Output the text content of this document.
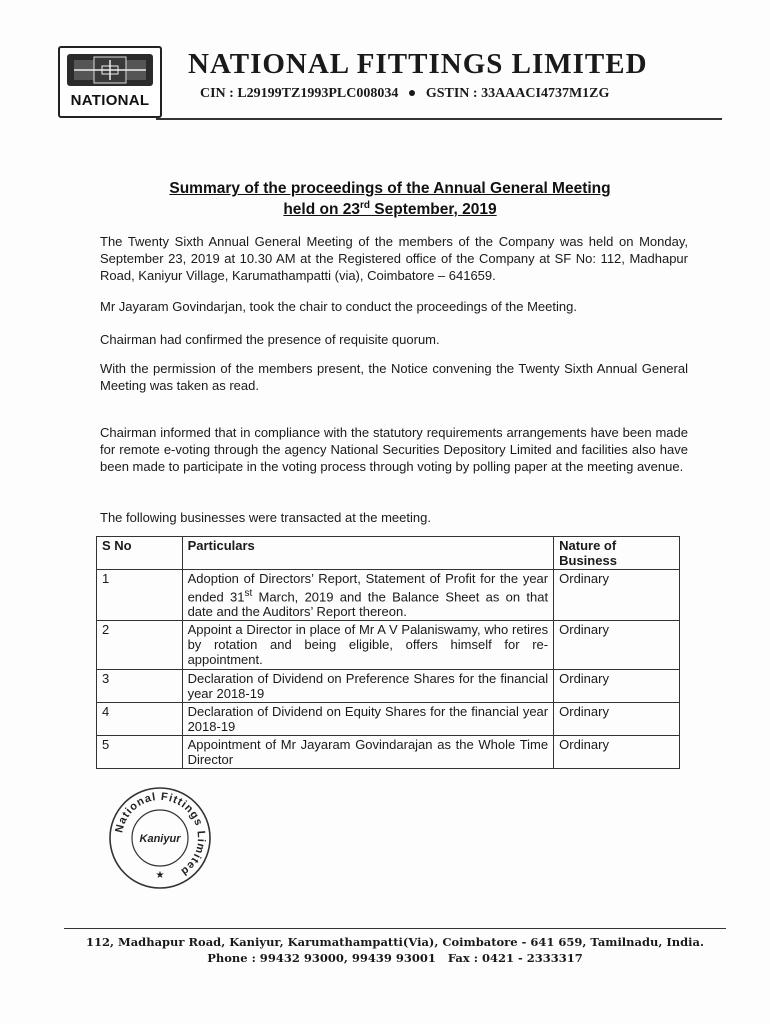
NATIONAL
NATIONAL FITTINGS LIMITED
CIN : L29199TZ1993PLC008034 ● GSTIN : 33AAACI4737M1ZG
Summary of the proceedings of the Annual General Meeting
held on 23rd September, 2019
The Twenty Sixth Annual General Meeting of the members of the Company was held on Monday, September 23, 2019 at 10.30 AM at the Registered office of the Company at SF No: 112, Madhapur Road, Kaniyur Village, Karumathampatti (via), Coimbatore – 641659.
Mr Jayaram Govindarjan, took the chair to conduct the proceedings of the Meeting.
Chairman had confirmed the presence of requisite quorum.
With the permission of the members present, the Notice convening the Twenty Sixth Annual General Meeting was taken as read.
Chairman informed that in compliance with the statutory requirements arrangements have been made for remote e-voting through the agency National Securities Depository Limited and facilities also have been made to participate in the voting process through voting by polling paper at the meeting avenue.
The following businesses were transacted at the meeting.
S No	Particulars	Nature of
Business

1	Adoption of Directors’ Report, Statement of Profit for the year ended 31st March, 2019 and the Balance Sheet as on that date and the Auditors’ Report thereon.	Ordinary
2	Appoint a Director in place of Mr A V Palaniswamy, who retires by rotation and being eligible, offers himself for re-appointment.	Ordinary
3	Declaration of Dividend on Preference Shares for the financial year 2018-19	Ordinary
4	Declaration of Dividend on Equity Shares for the financial year 2018-19	Ordinary
5	Appointment of Mr Jayaram Govindarajan as the Whole Time Director	Ordinary
National Fittings Limited
Kaniyur
★
112, Madhapur Road, Kaniyur, Karumathampatti(Via), Coimbatore - 641 659, Tamilnadu, India.
Phone : 99432 93000, 99439 93001   Fax : 0421 - 2333317
